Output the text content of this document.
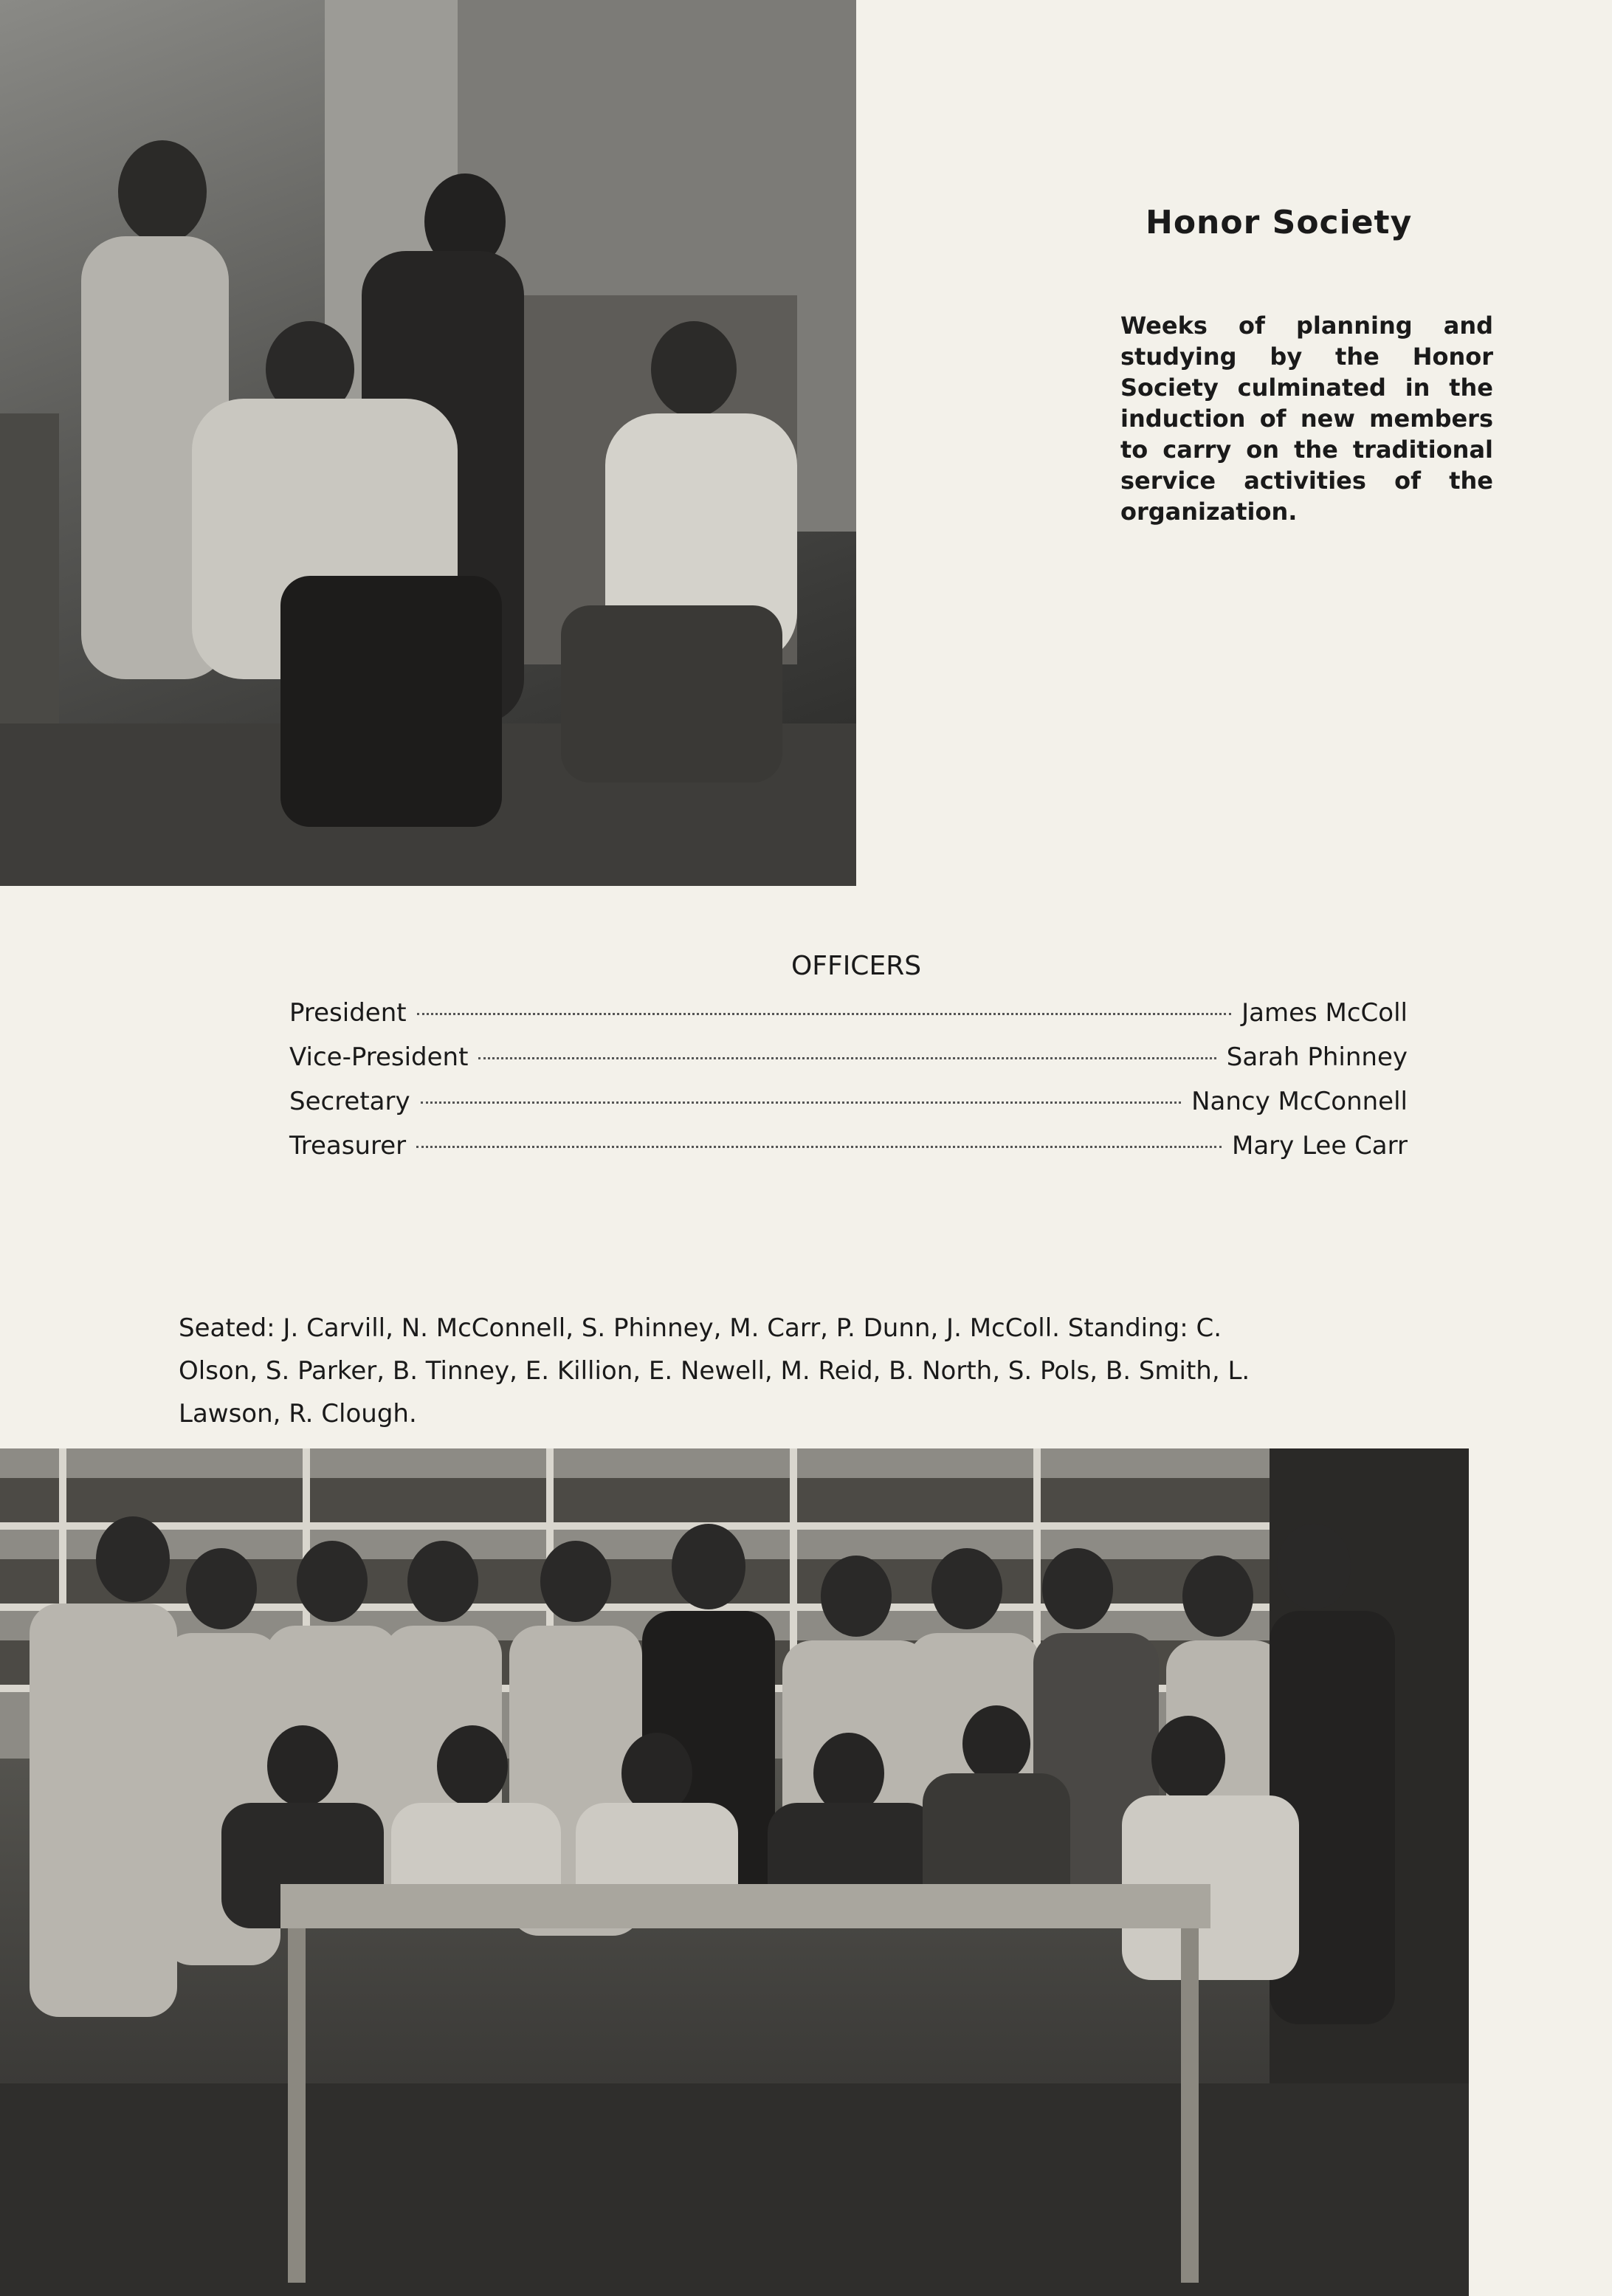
Honor Society

Weeks of planning and studying by the Honor Society culminated in the induction of new members to carry on the traditional service activities of the organization.

OFFICERS
President	James McColl
Vice-President	Sarah Phinney
Secretary	Nancy McConnell
Treasurer	Mary Lee Carr

Seated: J. Carvill, N. McConnell, S. Phinney, M. Carr, P. Dunn, J. McColl. Standing: C. Olson, S. Parker, B. Tinney, E. Killion, E. Newell, M. Reid, B. North, S. Pols, B. Smith, L. Lawson, R. Clough.
